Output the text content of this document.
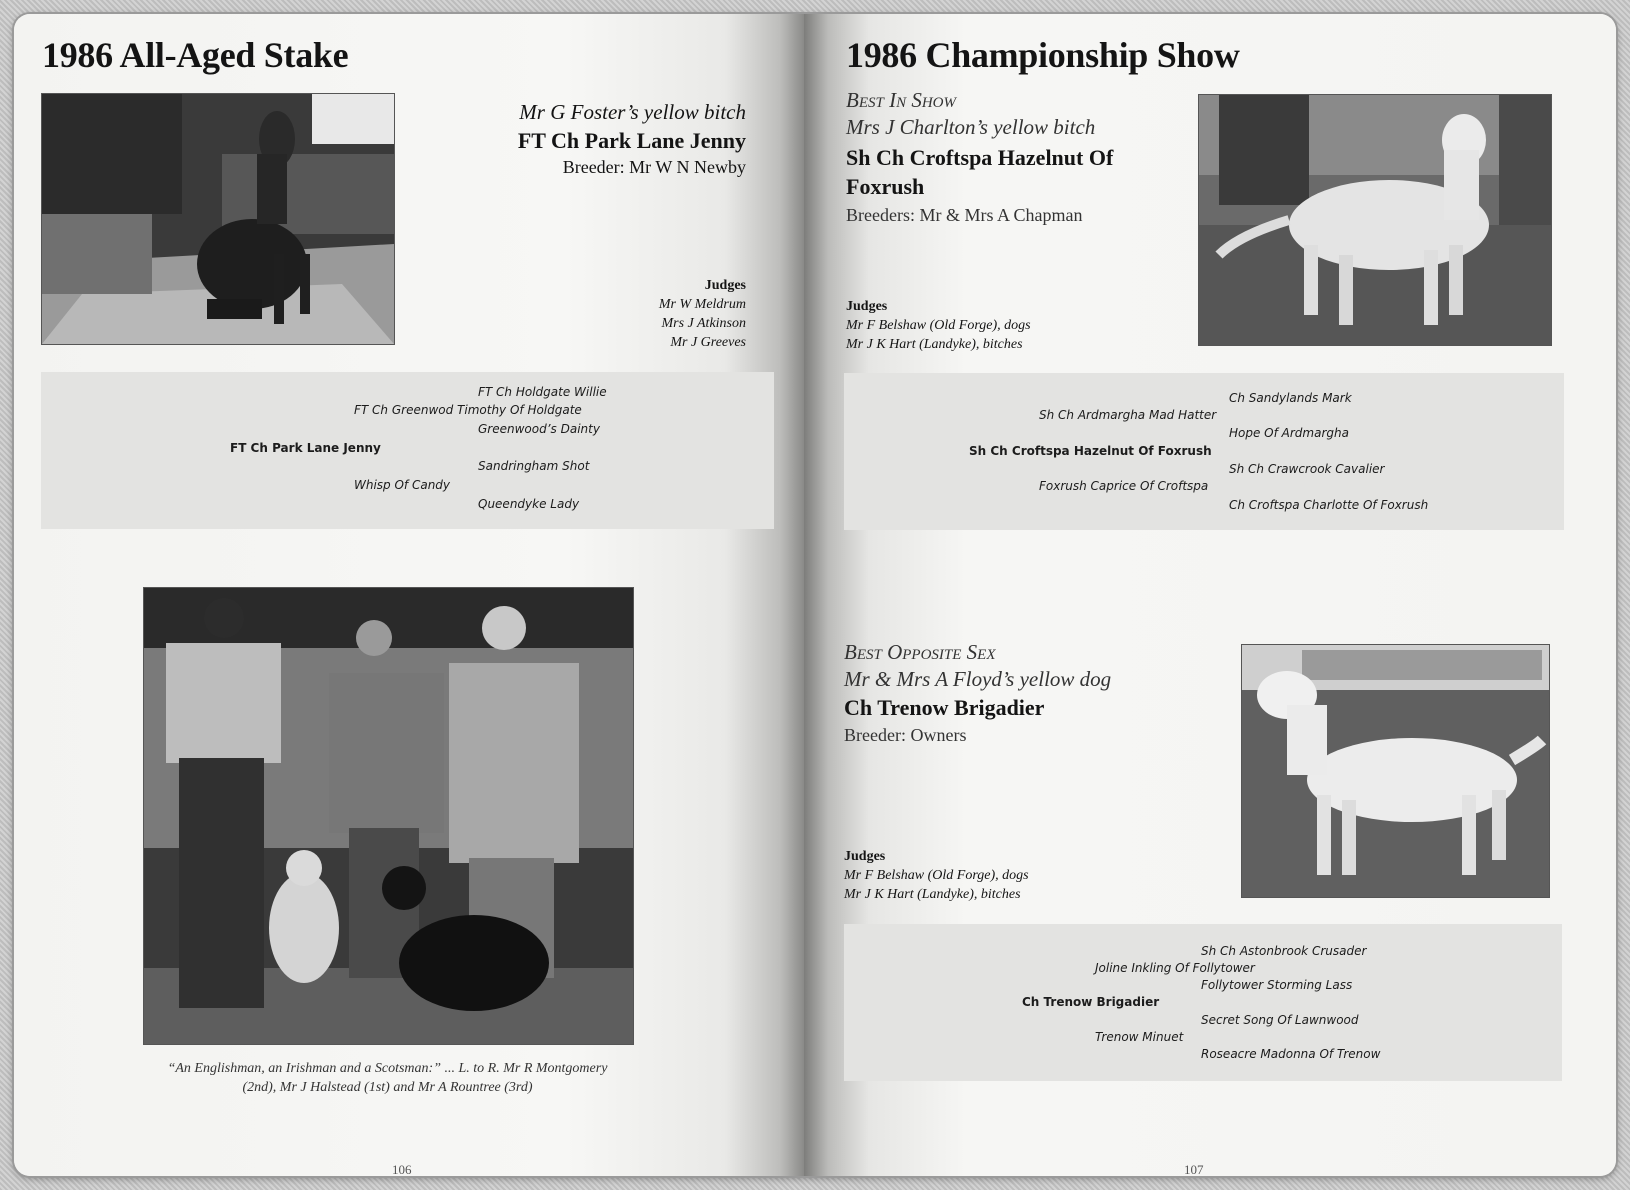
1986 All-Aged Stake
Mr G Foster’s yellow bitch
FT Ch Park Lane Jenny
Breeder: Mr W N Newby
Judges
Mr W Meldrum
Mrs J Atkinson
Mr J Greeves
FT Ch Holdgate Willie
FT Ch Greenwod Timothy Of Holdgate
Greenwood’s Dainty
FT Ch Park Lane Jenny
Sandringham Shot
Whisp Of Candy
Queendyke Lady
“An Englishman, an Irishman and a Scotsman:” ... L. to R. Mr R Montgomery
(2nd), Mr J Halstead (1st) and Mr A Rountree (3rd)
106
1986 Championship Show
Best In Show
Mrs J Charlton’s yellow bitch
Sh Ch Croftspa Hazelnut Of
Foxrush
Breeders: Mr & Mrs A Chapman
Judges
Mr F Belshaw (Old Forge), dogs
Mr J K Hart (Landyke), bitches
Ch Sandylands Mark
Sh Ch Ardmargha Mad Hatter
Hope Of Ardmargha
Sh Ch Croftspa Hazelnut Of Foxrush
Sh Ch Crawcrook Cavalier
Foxrush Caprice Of Croftspa
Ch Croftspa Charlotte Of Foxrush
Best Opposite Sex
Mr & Mrs A Floyd’s yellow dog
Ch Trenow Brigadier
Breeder: Owners
Judges
Mr F Belshaw (Old Forge), dogs
Mr J K Hart (Landyke), bitches
Sh Ch Astonbrook Crusader
Joline Inkling Of Follytower
Follytower Storming Lass
Ch Trenow Brigadier
Secret Song Of Lawnwood
Trenow Minuet
Roseacre Madonna Of Trenow
107
